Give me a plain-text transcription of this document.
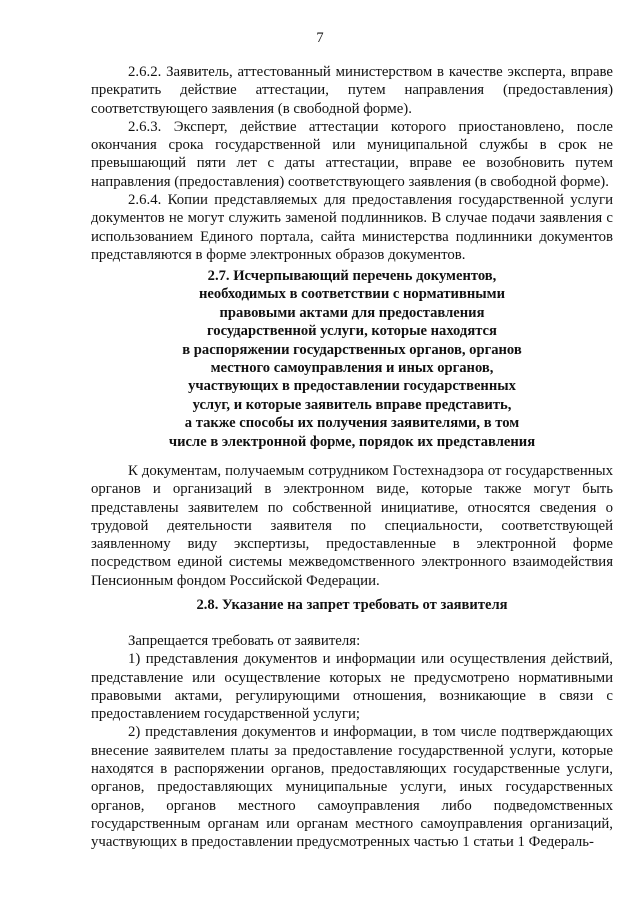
7

2.6.2. Заявитель, аттестованный министерством в качестве эксперта, вправе прекратить действие аттестации, путем направления (предоставления) соответствующего заявления (в свободной форме).

2.6.3. Эксперт, действие аттестации которого приостановлено, после окончания срока государственной или муниципальной службы в срок не превышающий пяти лет с даты аттестации, вправе ее возобновить путем направления (предоставления) соответствующего заявления (в свободной форме).

2.6.4. Копии представляемых для предоставления государственной услуги документов не могут служить заменой подлинников. В случае подачи заявления с использованием Единого портала, сайта министерства подлинники документов представляются в форме электронных образов документов.

2.7. Исчерпывающий перечень документов,
необходимых в соответствии с нормативными
правовыми актами для предоставления
государственной услуги, которые находятся
в распоряжении государственных органов, органов
местного самоуправления и иных органов,
участвующих в предоставлении государственных
услуг, и которые заявитель вправе представить,
а также способы их получения заявителями, в том
числе в электронной форме, порядок их представления

К документам, получаемым сотрудником Гостехнадзора от государственных органов и организаций в электронном виде, которые также могут быть представлены заявителем по собственной инициативе, относятся сведения о трудовой деятельности заявителя по специальности, соответствующей заявленному виду экспертизы, предоставленные в электронной форме посредством единой системы межведомственного электронного взаимодействия Пенсионным фондом Российской Федерации.

2.8. Указание на запрет требовать от заявителя

Запрещается требовать от заявителя:

1) представления документов и информации или осуществления действий, представление или осуществление которых не предусмотрено нормативными правовыми актами, регулирующими отношения, возникающие в связи с предоставлением государственной услуги;

2) представления документов и информации, в том числе подтверждающих внесение заявителем платы за предоставление государственной услуги, которые находятся в распоряжении органов, предоставляющих государственные услуги, органов, предоставляющих муниципальные услуги, иных государственных органов, органов местного самоуправления либо подведомственных государственным органам или органам местного самоуправления организаций, участвующих в предоставлении предусмотренных частью 1 статьи 1 Федераль-
